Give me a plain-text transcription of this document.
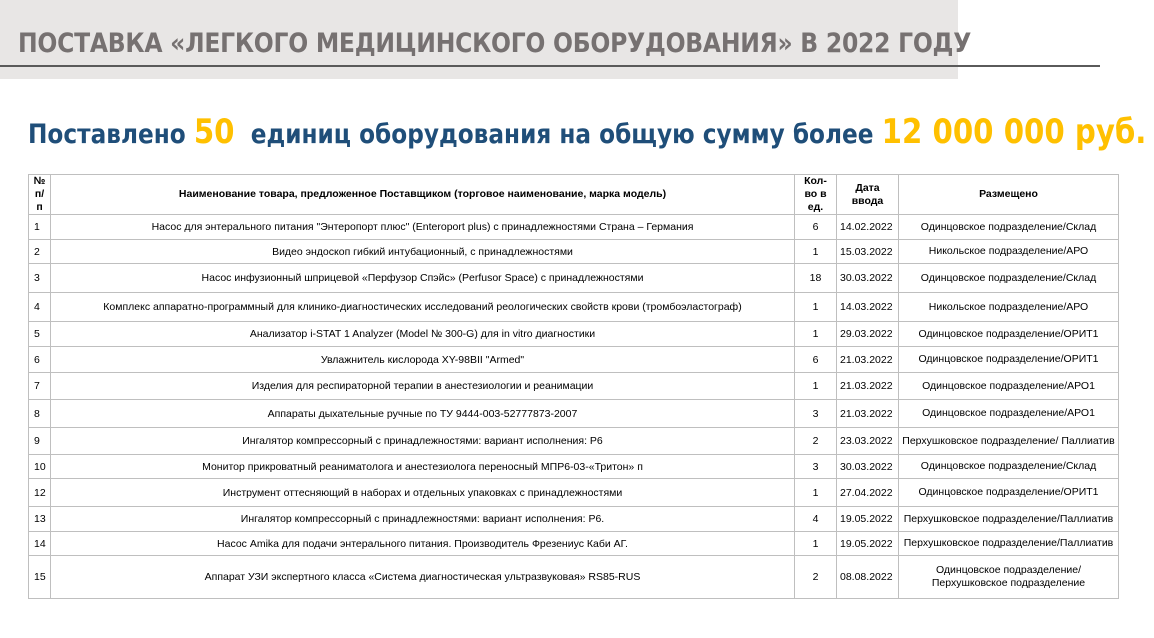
ПОСТАВКА «ЛЕГКОГО МЕДИЦИНСКОГО ОБОРУДОВАНИЯ» В 2022 ГОДУ
Поставлено 50 единиц оборудования на общую сумму более 12 000 000 руб.
№ п/п	Наименование товара, предложенное Поставщиком (торговое наименование, марка модель)	Кол-во в ед.	Дата ввода	Размещено
1	Насос для энтерального питания "Энтеропорт плюс" (Enteroport plus) с принадлежностями Страна – Германия	6	14.02.2022	Одинцовское подразделение/Склад
2	Видео эндоскоп гибкий интубационный, с принадлежностями	1	15.03.2022	Никольское подразделение/АРО
3	Насос инфузионный шприцевой «Перфузор Спэйс» (Perfusor Space) с принадлежностями	18	30.03.2022	Одинцовское подразделение/Склад
4	Комплекс аппаратно-программный для клинико-диагностических исследований реологических свойств крови (тромбоэластограф)	1	14.03.2022	Никольское подразделение/АРО
5	Анализатор i-STAT 1 Analyzer (Model № 300-G) для in vitro диагностики	1	29.03.2022	Одинцовское подразделение/ОРИТ1
6	Увлажнитель кислорода XY-98BII "Armed"	6	21.03.2022	Одинцовское подразделение/ОРИТ1
7	Изделия для респираторной терапии в анестезиологии и реанимации	1	21.03.2022	Одинцовское подразделение/АРО1
8	Аппараты дыхательные ручные по ТУ 9444-003-52777873-2007	3	21.03.2022	Одинцовское подразделение/АРО1
9	Ингалятор компрессорный с принадлежностями: вариант исполнения: Р6	2	23.03.2022	Перхушковское подразделение/ Паллиатив
10	Монитор прикроватный реаниматолога и анестезиолога переносный МПР6-03-«Тритон» п	3	30.03.2022	Одинцовское подразделение/Склад
12	Инструмент оттесняющий в наборах и отдельных упаковках с принадлежностями	1	27.04.2022	Одинцовское подразделение/ОРИТ1
13	Ингалятор компрессорный с принадлежностями: вариант исполнения: Р6.	4	19.05.2022	Перхушковское подразделение/Паллиатив
14	Насос Amika для подачи энтерального питания. Производитель Фрезениус Каби АГ.	1	19.05.2022	Перхушковское подразделение/Паллиатив
15	Аппарат УЗИ экспертного класса «Система диагностическая ультразвуковая» RS85-RUS	2	08.08.2022	Одинцовское подразделение/Перхушковское подразделение
